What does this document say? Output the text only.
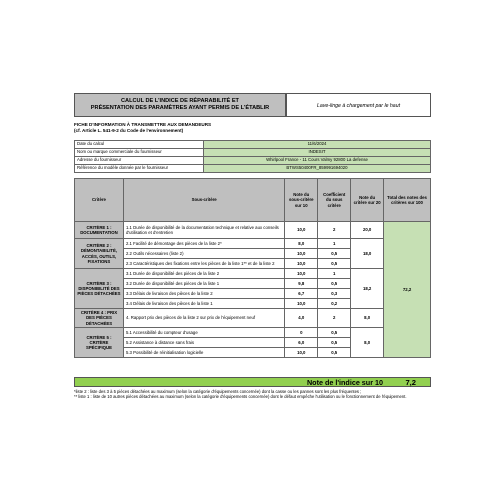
CALCUL DE L'INDICE DE RÉPARABILITÉ ET
PRÉSENTATION DES PARAMÈTRES AYANT PERMIS DE L'ÉTABLIR	Lave-linge à chargement par le haut
FICHE D'INFORMATION À TRANSMETTRE AUX DEMANDEURS
(cf. Article L. 541-9-2 du Code de l'environnement)
Date du calcul	11/6/2024
Nom ou marque commerciale du fournisseur	INDESIT
Adresse du fournisseur	Whirlpool France - 11 Cours Valmy 92800 La defense
Référence du modèle donnée par le fournisseur	BTWS50400FR_859991694020
Critère	Sous-critère	Note du sous-critère sur 10	Coefficient du sous critère	Note du critère sur 20	Total des notes des critères sur 100
CRITÈRE 1 : DOCUMENTATION	1.1 Durée de disponibilité de la documentation technique et relative aux conseils d'utilisation et d'entretien	10,0	2	20,0	72,2
CRITÈRE 2 : DÉMONTABILITÉ, ACCÈS, OUTILS, FIXATIONS	2.1 Facilité de démontage des pièces de la liste 2*	8,0	1	18,0	
	2.2 Outils nécessaires (liste 2)	10,0	0,5		
	2.3 Caractéristiques des fixations entre les pièces de la liste 1** et de la liste 2	10,0	0,5		
CRITÈRE 3 : DISPONIBILITÉ DES PIÈCES DÉTACHÉES	3.1 Durée de disponibilité des pièces de la liste 2	10,0	1	18,2	
	3.2 Durée de disponibilité des pièces de la liste 1	9,8	0,5		
	3.3 Délais de livraison des pièces de la liste 2	6,7	0,3		
	3.4 Délais de livraison des pièces de la liste 1	10,0	0,2		
CRITÈRE 4 : PRIX DES PIÈCES DÉTACHÉES	4. Rapport prix des pièces de la liste 2 sur prix de l'équipement neuf	4,0	2	8,0	
CRITÈRE 5 : CRITÈRE SPÉCIFIQUE	5.1 Accessibilité du compteur d'usage	0	0,5	8,0	
	5.2 Assistance à distance sans frais	6,0	0,5		
	5.3 Possibilité de réinitialisation logicielle	10,0	0,5		
Note de l'indice sur 10	7,2
*liste 2 : liste des 3 à 5 pièces détachées au maximum (selon la catégorie d'équipements concernée) dont la casse ou les pannes sont les plus fréquentes ;
** liste 1 : liste de 10 autres pièces détachées au maximum (selon la catégorie d'équipements concernée) dont le défaut empêche l'utilisation ou le fonctionnement de l'équipement.
